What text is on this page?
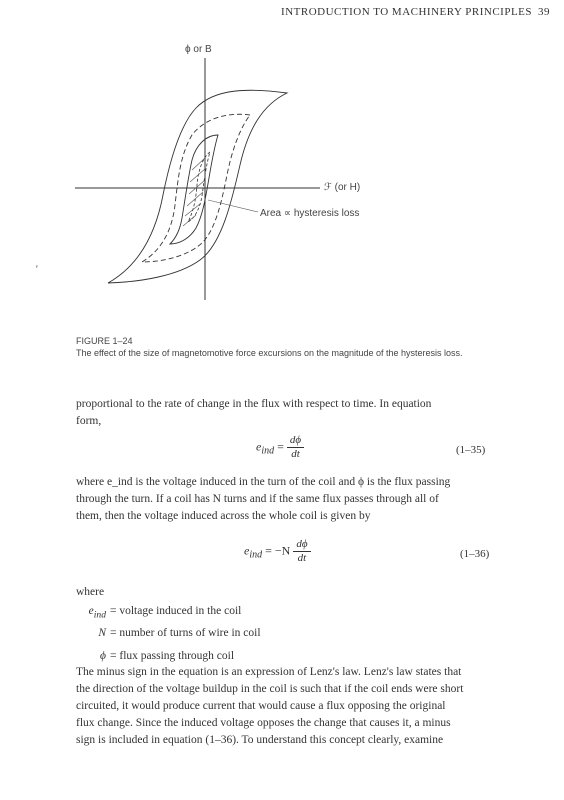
INTRODUCTION TO MACHINERY PRINCIPLES 39
′
ϕ or B
ℱ (or H)
Area ∝ hysteresis loss
FIGURE 1–24
The effect of the size of magnetomotive force excursions on the magnitude of the hysteresis loss.
proportional to the rate of change in the flux with respect to time. In equation
form,
$e_{ind} = \frac{d\phi}{dt}$	(1–35)
where e_ind is the voltage induced in the turn of the coil and ϕ is the flux passing
through the turn. If a coil has N turns and if the same flux passes through all of
them, then the voltage induced across the whole coil is given by
$e_{ind} = -N \frac{d\phi}{dt}$	(1–36)
where
$e_{ind}$ = voltage induced in the coil
N = number of turns of wire in coil
ϕ = flux passing through coil
The minus sign in the equation is an expression of Lenz's law. Lenz's law states that
the direction of the voltage buildup in the coil is such that if the coil ends were short
circuited, it would produce current that would cause a flux opposing the original
flux change. Since the induced voltage opposes the change that causes it, a minus
sign is included in equation (1–36). To understand this concept clearly, examine
